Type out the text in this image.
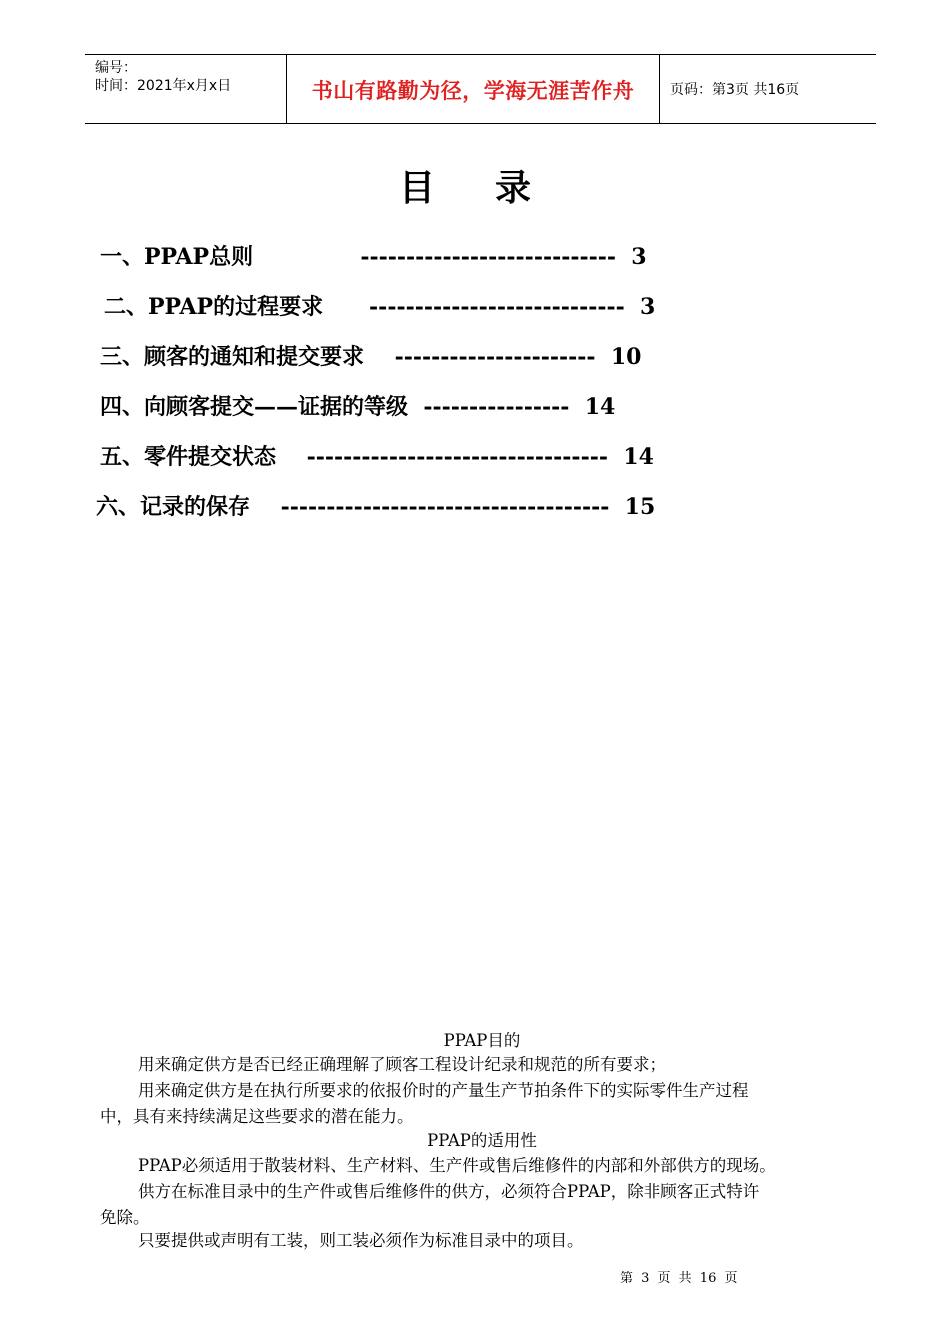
编号：
时间：2021年x月x日	书山有路勤为径，学海无涯苦作舟	页码：第3页 共16页
目录
一、PPAP总则              ----------------------------  3
二、PPAP的过程要求      ----------------------------  3
三、顾客的通知和提交要求    ----------------------  10
四、向顾客提交——证据的等级  ----------------  14
五、零件提交状态    ---------------------------------  14
六、记录的保存    ------------------------------------  15
PPAP目的
用来确定供方是否已经正确理解了顾客工程设计纪录和规范的所有要求；
用来确定供方是在执行所要求的依报价时的产量生产节拍条件下的实际零件生产过程
中，具有来持续满足这些要求的潜在能力。
PPAP的适用性
PPAP必须适用于散装材料、生产材料、生产件或售后维修件的内部和外部供方的现场。
供方在标准目录中的生产件或售后维修件的供方，必须符合PPAP，除非顾客正式特许
免除。
只要提供或声明有工装，则工装必须作为标准目录中的项目。
第 3 页 共 16 页
